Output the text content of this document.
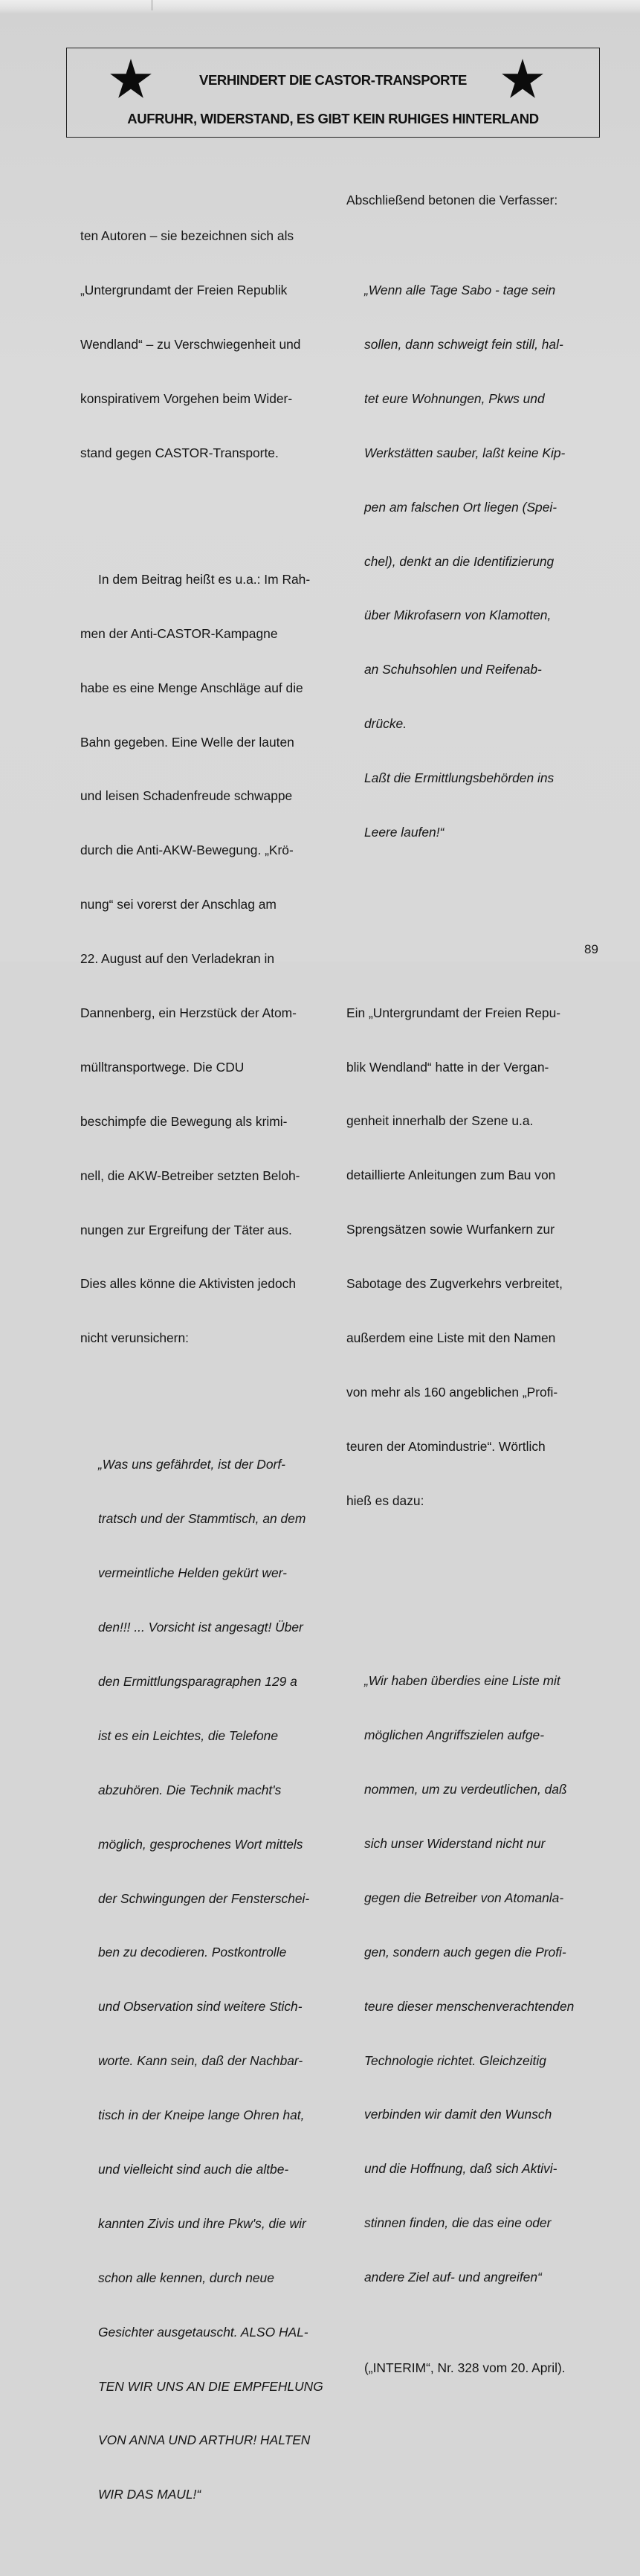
VERHINDERT DIE CASTOR-TRANSPORTE
AUFRUHR, WIDERSTAND, ES GIBT KEIN RUHIGES HINTERLAND

ten Autoren – sie bezeichnen sich als

„Untergrundamt der Freien Republik

Wendland“ – zu Verschwiegenheit und

konspirativem Vorgehen beim Wider-

stand gegen CASTOR-Transporte.

In dem Beitrag heißt es u.a.: Im Rah-

men der Anti-CASTOR-Kampagne

habe es eine Menge Anschläge auf die

Bahn gegeben. Eine Welle der lauten

und leisen Schadenfreude schwappe

durch die Anti-AKW-Bewegung. „Krö-

nung“ sei vorerst der Anschlag am

22. August auf den Verladekran in

Dannenberg, ein Herzstück der Atom-

mülltransportwege. Die CDU

beschimpfe die Bewegung als krimi-

nell, die AKW-Betreiber setzten Beloh-

nungen zur Ergreifung der Täter aus.

Dies alles könne die Aktivisten jedoch

nicht verunsichern:

„Was uns gefährdet, ist der Dorf-

tratsch und der Stammtisch, an dem

vermeintliche Helden gekürt wer-

den!!! ... Vorsicht ist angesagt! Über

den Ermittlungsparagraphen 129 a

ist es ein Leichtes, die Telefone

abzuhören. Die Technik macht's

möglich, gesprochenes Wort mittels

der Schwingungen der Fensterschei-

ben zu decodieren. Postkontrolle

und Observation sind weitere Stich-

worte. Kann sein, daß der Nachbar-

tisch in der Kneipe lange Ohren hat,

und vielleicht sind auch die altbe-

kannten Zivis und ihre Pkw's, die wir

schon alle kennen, durch neue

Gesichter ausgetauscht. ALSO HAL-

TEN WIR UNS AN DIE EMPFEHLUNG

VON ANNA UND ARTHUR! HALTEN

WIR DAS MAUL!“

Abschließend betonen die Verfasser:

„Wenn alle Tage Sabo - tage sein

sollen, dann schweigt fein still, hal-

tet eure Wohnungen, Pkws und

Werkstätten sauber, laßt keine Kip-

pen am falschen Ort liegen (Spei-

chel), denkt an die Identifizierung

über Mikrofasern von Klamotten,

an Schuhsohlen und Reifenab-

drücke.

Laßt die Ermittlungsbehörden ins

Leere laufen!“

Ein „Untergrundamt der Freien Repu-

blik Wendland“ hatte in der Vergan-

genheit innerhalb der Szene u.a.

detaillierte Anleitungen zum Bau von

Sprengsätzen sowie Wurfankern zur

Sabotage des Zugverkehrs verbreitet,

außerdem eine Liste mit den Namen

von mehr als 160 angeblichen „Profi-

teuren der Atomindustrie“. Wörtlich

hieß es dazu:

„Wir haben überdies eine Liste mit

möglichen Angriffszielen aufge-

nommen, um zu verdeutlichen, daß

sich unser Widerstand nicht nur

gegen die Betreiber von Atomanla-

gen, sondern auch gegen die Profi-

teure dieser menschenverachtenden

Technologie richtet. Gleichzeitig

verbinden wir damit den Wunsch

und die Hoffnung, daß sich Aktivi-

stinnen finden, die das eine oder

andere Ziel auf- und angreifen“

(„INTERIM“, Nr. 328 vom 20. April).

89
